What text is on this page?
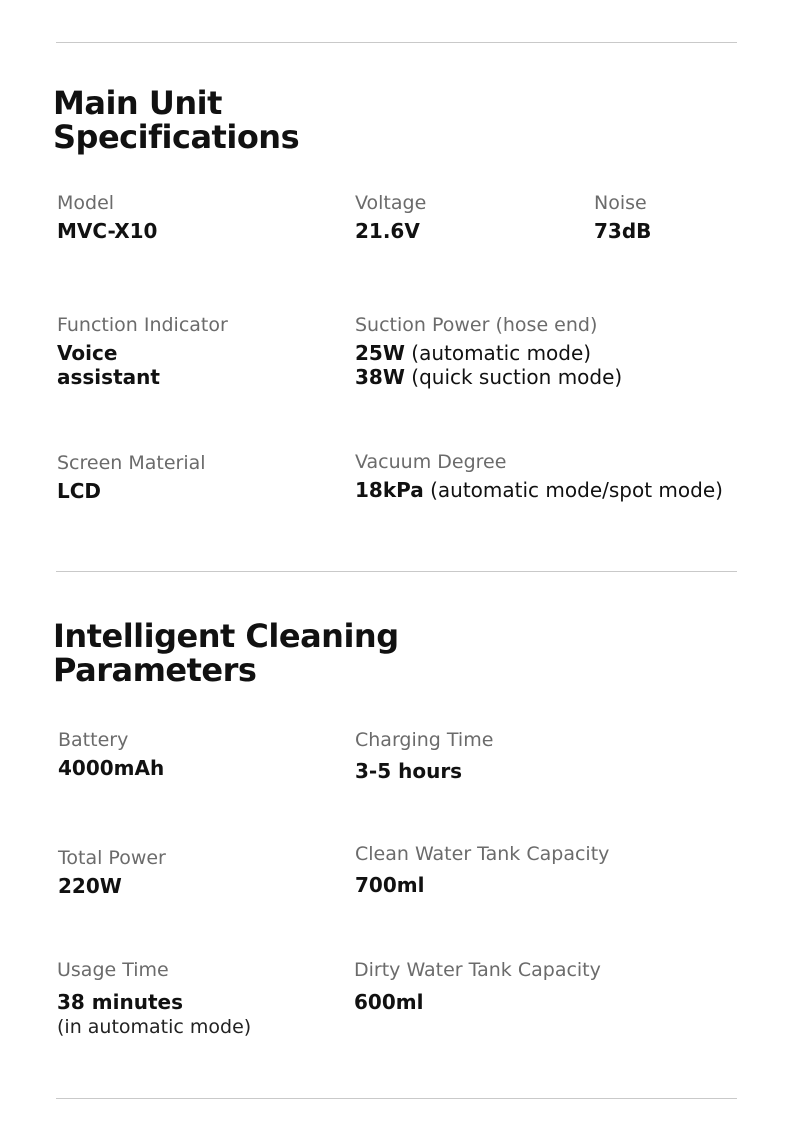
Main Unit
Specifications
Model
MVC-X10
Voltage
21.6V
Noise
73dB
Function Indicator
Voice
assistant
Suction Power (hose end)
25W (automatic mode)
38W (quick suction mode)
Screen Material
LCD
Vacuum Degree
18kPa (automatic mode/spot mode)
Intelligent Cleaning
Parameters
Battery
4000mAh
Charging Time
3-5 hours
Total Power
220W
Clean Water Tank Capacity
700ml
Usage Time
38 minutes
(in automatic mode)
Dirty Water Tank Capacity
600ml
